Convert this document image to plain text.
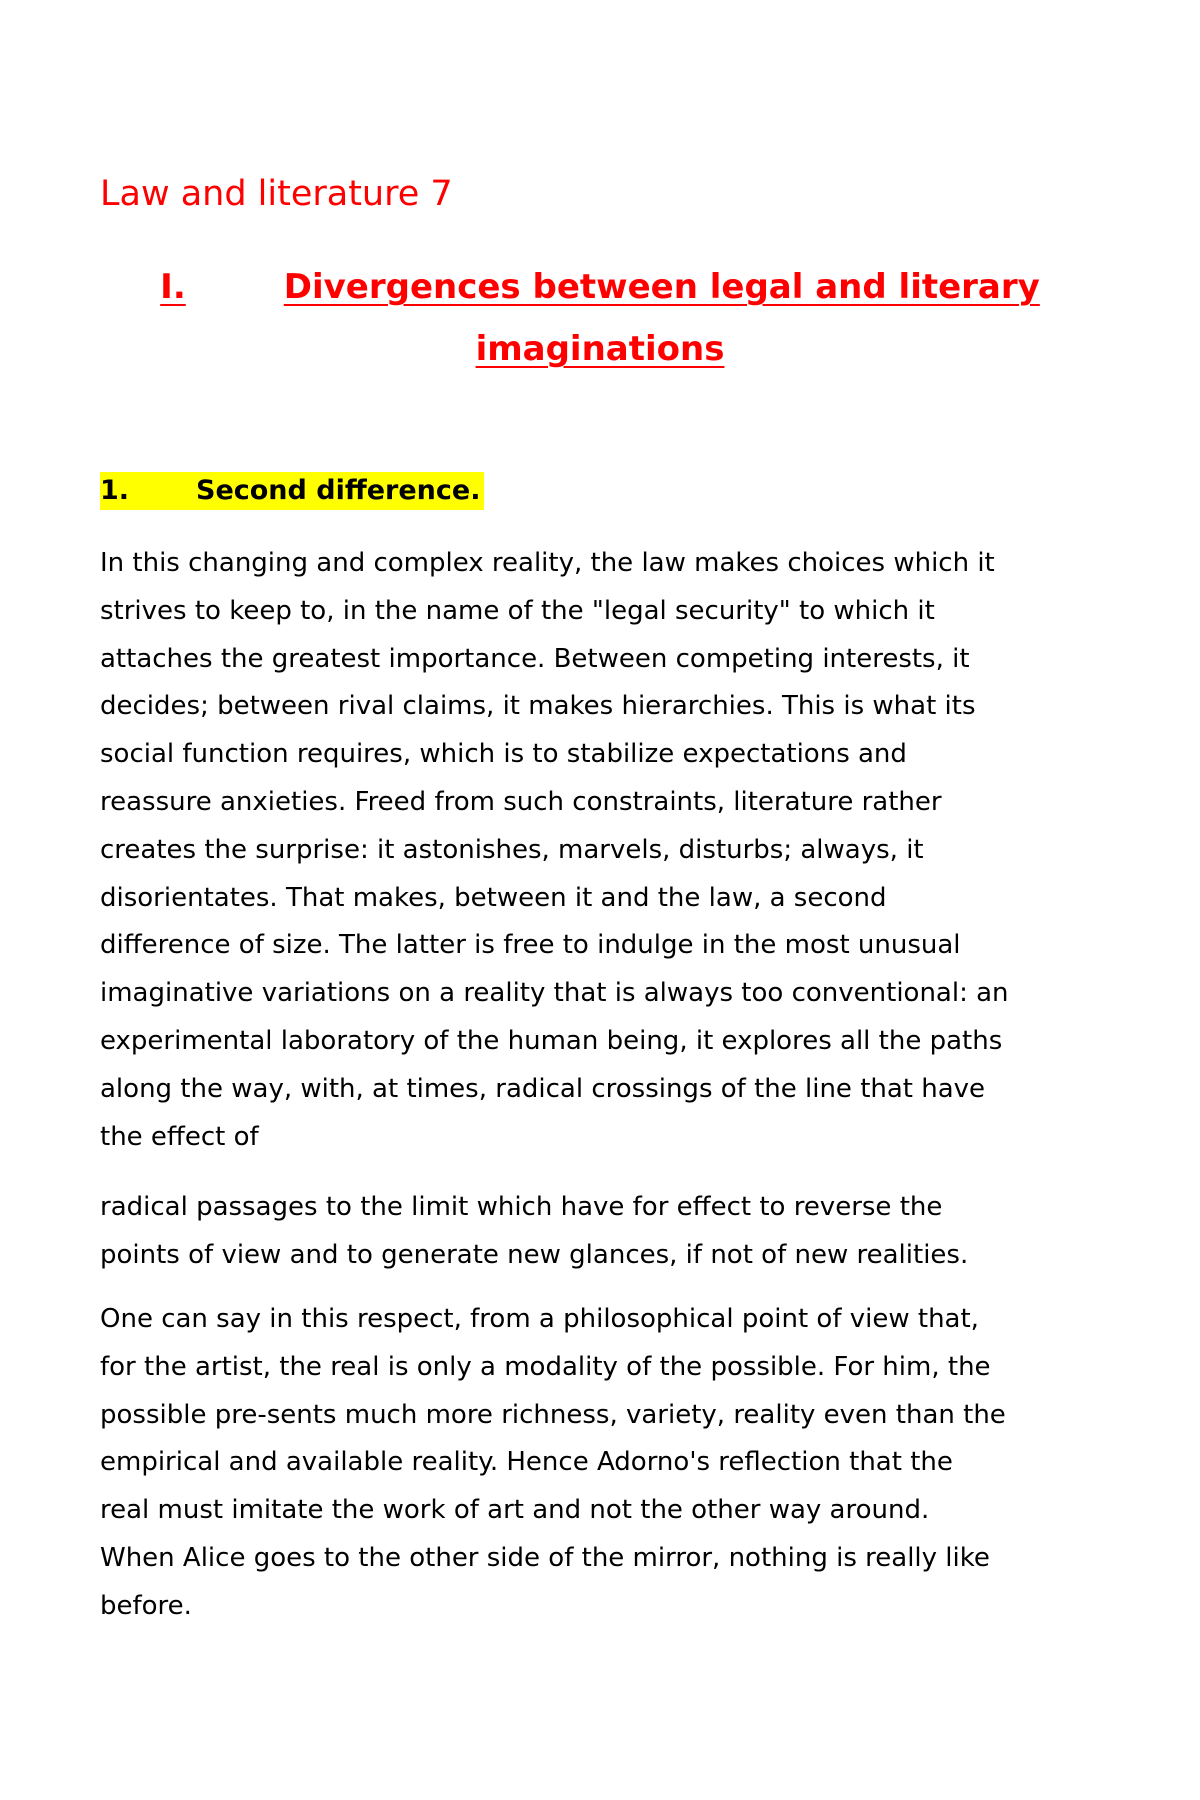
Law and literature 7
I.	Divergences between legal and literary
imaginations
1. Second difference.

In this changing and complex reality, the law makes choices which it
strives to keep to, in the name of the "legal security" to which it
attaches the greatest importance. Between competing interests, it
decides; between rival claims, it makes hierarchies. This is what its
social function requires, which is to stabilize expectations and
reassure anxieties. Freed from such constraints, literature rather
creates the surprise: it astonishes, marvels, disturbs; always, it
disorientates. That makes, between it and the law, a second
difference of size. The latter is free to indulge in the most unusual
imaginative variations on a reality that is always too conventional: an
experimental laboratory of the human being, it explores all the paths
along the way, with, at times, radical crossings of the line that have
the effect of

radical passages to the limit which have for effect to reverse the
points of view and to generate new glances, if not of new realities.

One can say in this respect, from a philosophical point of view that,
for the artist, the real is only a modality of the possible. For him, the
possible pre-sents much more richness, variety, reality even than the
empirical and available reality. Hence Adorno's reflection that the
real must imitate the work of art and not the other way around.
When Alice goes to the other side of the mirror, nothing is really like
before.
